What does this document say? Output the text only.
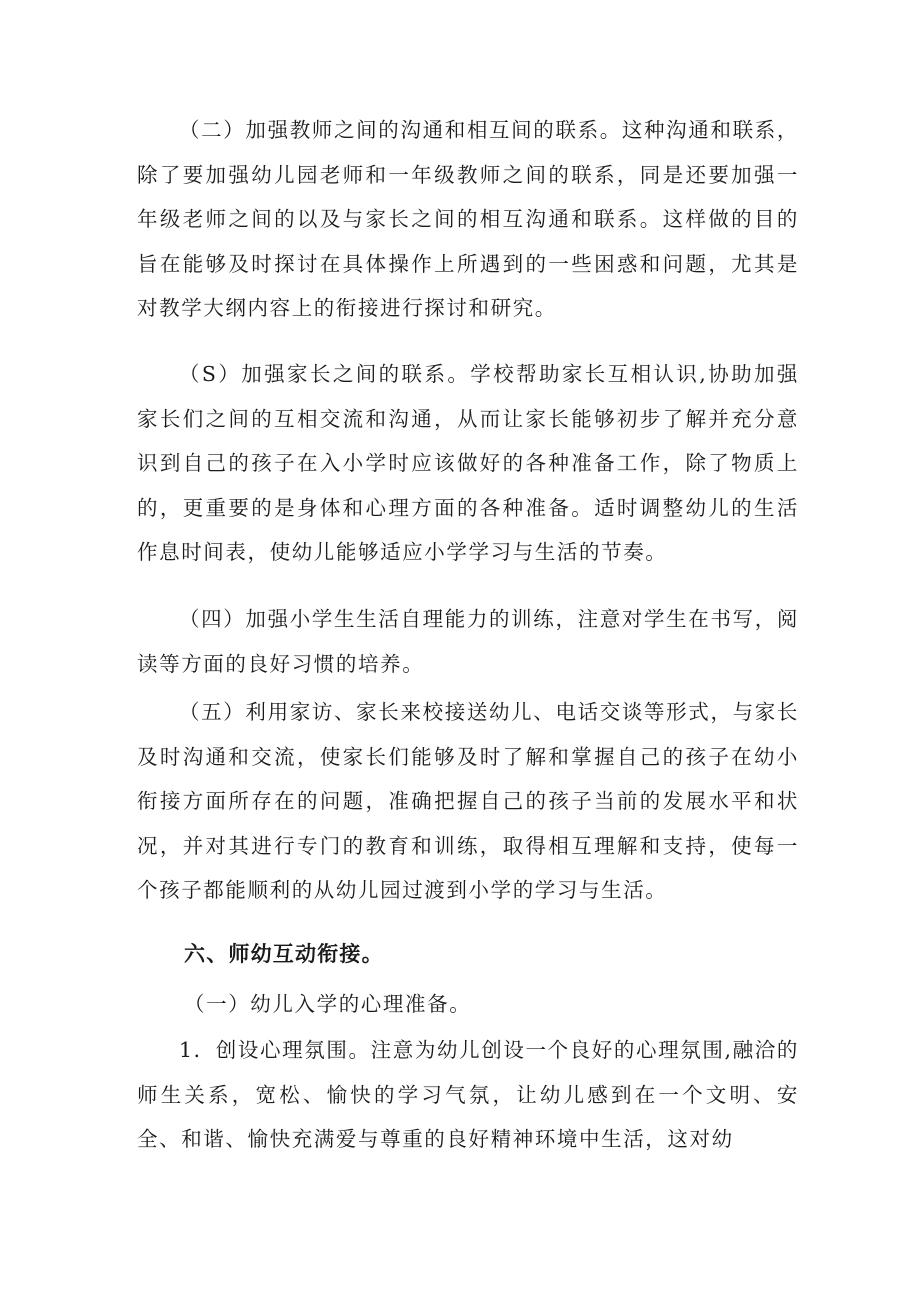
（二）加强教师之间的沟通和相互间的联系。这种沟通和联系，除了要加强幼儿园老师和一年级教师之间的联系，同是还要加强一年级老师之间的以及与家长之间的相互沟通和联系。这样做的目的旨在能够及时探讨在具体操作上所遇到的一些困惑和问题，尤其是对教学大纲内容上的衔接进行探讨和研究。

（S）加强家长之间的联系。学校帮助家长互相认识,协助加强家长们之间的互相交流和沟通，从而让家长能够初步了解并充分意识到自己的孩子在入小学时应该做好的各种准备工作，除了物质上的，更重要的是身体和心理方面的各种准备。适时调整幼儿的生活作息时间表，使幼儿能够适应小学学习与生活的节奏。

（四）加强小学生生活自理能力的训练，注意对学生在书写，阅读等方面的良好习惯的培养。

（五）利用家访、家长来校接送幼儿、电话交谈等形式，与家长及时沟通和交流，使家长们能够及时了解和掌握自己的孩子在幼小衔接方面所存在的问题，准确把握自己的孩子当前的发展水平和状况，并对其进行专门的教育和训练，取得相互理解和支持，使每一个孩子都能顺利的从幼儿园过渡到小学的学习与生活。

六、师幼互动衔接。

（一）幼儿入学的心理准备。

1．创设心理氛围。注意为幼儿创设一个良好的心理氛围,融洽的师生关系，宽松、愉快的学习气氛，让幼儿感到在一个文明、安全、和谐、愉快充满爱与尊重的良好精神环境中生活，这对幼
